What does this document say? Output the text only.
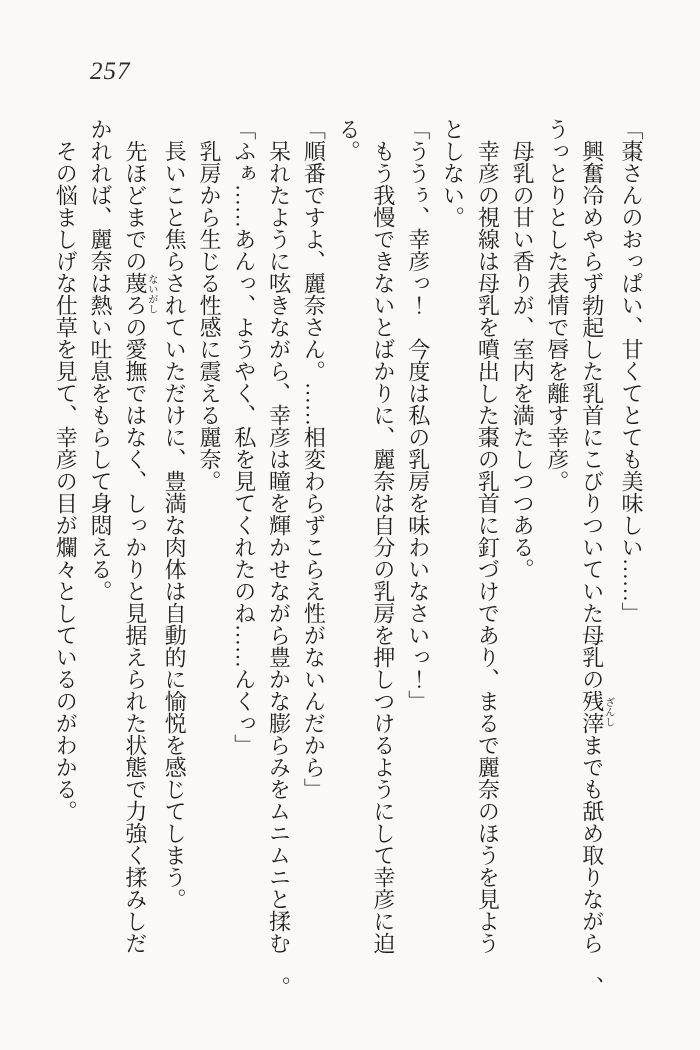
257

「棗さんのおっぱい、甘くてとても美味しい……」

興奮冷めやらず勃起した乳首にこびりついていた母乳の残滓ざんしまでも舐め取りながら、うっとりとした表情で唇を離す幸彦。

母乳の甘い香りが、室内を満たしつつある。

幸彦の視線は母乳を噴出した棗の乳首に釘づけであり、まるで麗奈のほうを見ようとしない。

「ううぅ、幸彦っ！　今度は私の乳房を味わいなさいっ！」

もう我慢できないとばかりに、麗奈は自分の乳房を押しつけるようにして幸彦に迫る。

「順番ですよ、麗奈さん。……相変わらずこらえ性がないんだから」

呆れたように呟きながら、幸彦は瞳を輝かせながら豊かな膨らみをムニムニと揉む。

「ふぁ……あんっ、ようやく、私を見てくれたのね……んくっ」

乳房から生じる性感に震える麗奈。

長いこと焦らされていただけに、豊満な肉体は自動的に愉悦を感じてしまう。

先ほどまでの蔑ろないがしの愛撫ではなく、しっかりと見据えられた状態で力強く揉みしだかれれば、麗奈は熱い吐息をもらして身悶える。

その悩ましげな仕草を見て、幸彦の目が爛々としているのがわかる。
